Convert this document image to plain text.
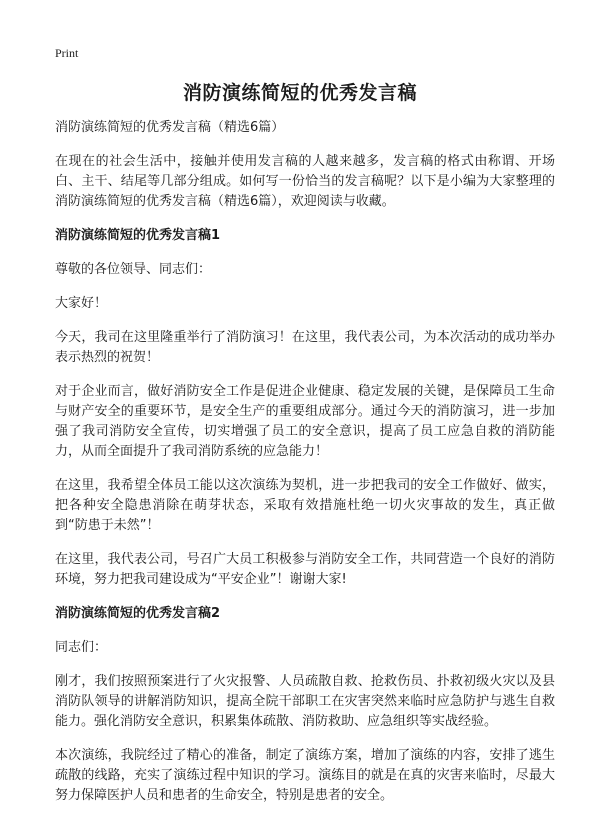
Print
消防演练简短的优秀发言稿

消防演练简短的优秀发言稿（精选6篇）

在现在的社会生活中，接触并使用发言稿的人越来越多，发言稿的格式由称谓、开场白、主干、结尾等几部分组成。如何写一份恰当的发言稿呢？以下是小编为大家整理的消防演练简短的优秀发言稿（精选6篇），欢迎阅读与收藏。

消防演练简短的优秀发言稿1

尊敬的各位领导、同志们：

大家好！

今天，我司在这里隆重举行了消防演习！在这里，我代表公司，为本次活动的成功举办表示热烈的祝贺！

对于企业而言，做好消防安全工作是促进企业健康、稳定发展的关键，是保障员工生命与财产安全的重要环节，是安全生产的重要组成部分。通过今天的消防演习，进一步加强了我司消防安全宣传，切实增强了员工的安全意识，提高了员工应急自救的消防能力，从而全面提升了我司消防系统的应急能力！

在这里，我希望全体员工能以这次演练为契机，进一步把我司的安全工作做好、做实，把各种安全隐患消除在萌芽状态，采取有效措施杜绝一切火灾事故的发生，真正做到“防患于未然”！

在这里，我代表公司，号召广大员工积极参与消防安全工作，共同营造一个良好的消防环境，努力把我司建设成为“平安企业”！谢谢大家!

消防演练简短的优秀发言稿2

同志们：

刚才，我们按照预案进行了火灾报警、人员疏散自救、抢救伤员、扑救初级火灾以及县消防队领导的讲解消防知识，提高全院干部职工在灾害突然来临时应急防护与逃生自救能力。强化消防安全意识，积累集体疏散、消防救助、应急组织等实战经验。

本次演练，我院经过了精心的准备，制定了演练方案，增加了演练的内容，安排了逃生疏散的线路，充实了演练过程中知识的学习。演练目的就是在真的灾害来临时，尽最大努力保障医护人员和患者的生命安全，特别是患者的安全。
